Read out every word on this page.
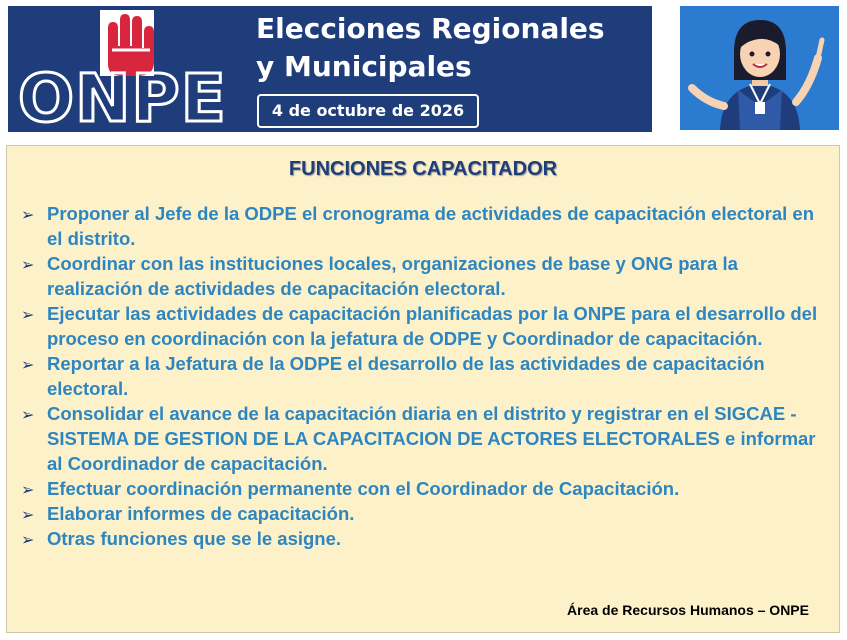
ONPE
Elecciones Regionales
y Municipales
4 de octubre de 2026
FUNCIONES CAPACITADOR
➢ Proponer al Jefe de la ODPE el cronograma de actividades de capacitación electoral en el distrito.
➢ Coordinar con las instituciones locales, organizaciones de base y ONG para la realización de actividades de capacitación electoral.
➢ Ejecutar las actividades de capacitación planificadas por la ONPE para el desarrollo del proceso en coordinación con la jefatura de ODPE y Coordinador de capacitación.
➢ Reportar a la Jefatura de la ODPE el desarrollo de las actividades de capacitación electoral.
➢ Consolidar el avance de la capacitación diaria en el distrito y registrar en el SIGCAE - SISTEMA DE GESTION DE LA CAPACITACION DE ACTORES ELECTORALES e informar al Coordinador de capacitación.
➢ Efectuar coordinación permanente con el Coordinador de Capacitación.
➢ Elaborar informes de capacitación.
➢ Otras funciones que se le asigne.
Área de Recursos Humanos – ONPE
